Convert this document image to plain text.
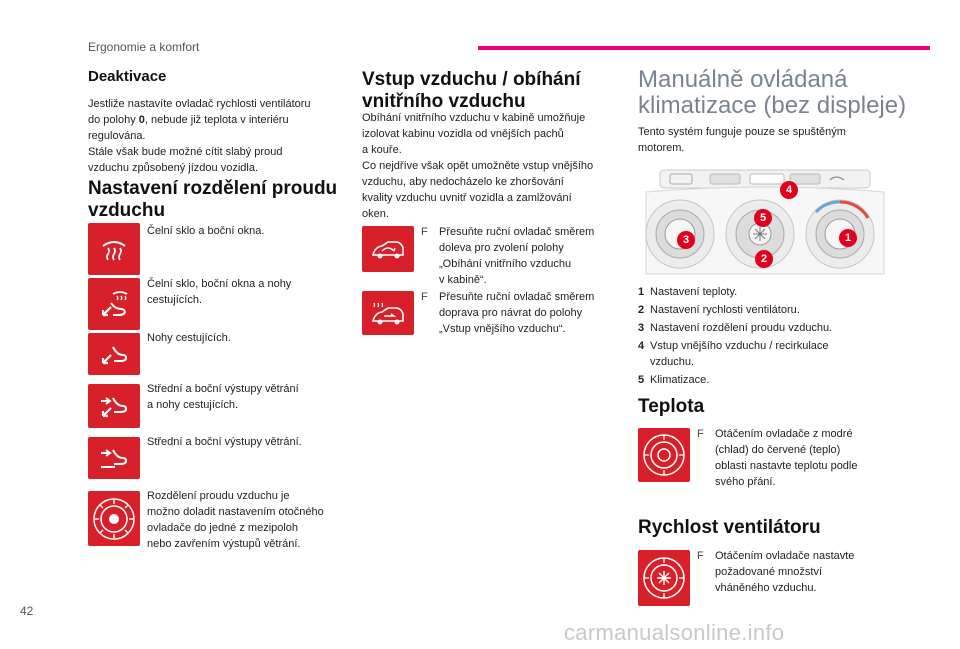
Ergonomie a komfort
Deaktivace

Jestliže nastavíte ovladač rychlosti ventilátoru

do polohy 0, nebude již teplota v interiéru

regulována.

Stále však bude možné cítit slabý proud

vzduchu způsobený jízdou vozidla.

Nastavení rozdělení proudu
vzduchu
Čelní sklo a boční okna.
Čelní sklo, boční okna a nohy
cestujících.
Nohy cestujících.
Střední a boční výstupy větrání
a nohy cestujících.
Střední a boční výstupy větrání.
Rozdělení proudu vzduchu je
možno doladit nastavením otočného
ovladače do jedné z mezipoloh
nebo zavřením výstupů větrání.
Vstup vzduchu / obíhání
vnitřního vzduchu

Obíhání vnitřního vzduchu v kabině umožňuje

izolovat kabinu vozidla od vnějších pachů

a kouře.

Co nejdříve však opět umožněte vstup vnějšího

vzduchu, aby nedocházelo ke zhoršování

kvality vzduchu uvnitř vozidla a zamlžování

oken.

F	Přesuňte ruční ovladač směrem
doleva pro zvolení polohy
„Obíhání vnitřního vzduchu
v kabině“.
F	Přesuňte ruční ovladač směrem
doprava pro návrat do polohy
„Vstup vnějšího vzduchu“.
Manuálně ovládaná
klimatizace (bez displeje)

Tento systém funguje pouze se spuštěným

motorem.

1
2
3
4
5
1 Nastavení teploty.
2 Nastavení rychlosti ventilátoru.
3 Nastavení rozdělení proudu vzduchu.
4 Vstup vnějšího vzduchu / recirkulace
vzduchu.
5 Klimatizace.
Teplota
F	Otáčením ovladače z modré
(chlad) do červené (teplo)
oblasti nastavte teplotu podle
svého přání.
Rychlost ventilátoru
F	Otáčením ovladače nastavte
požadované množství
vháněného vzduchu.
42
carmanualsonline.info
